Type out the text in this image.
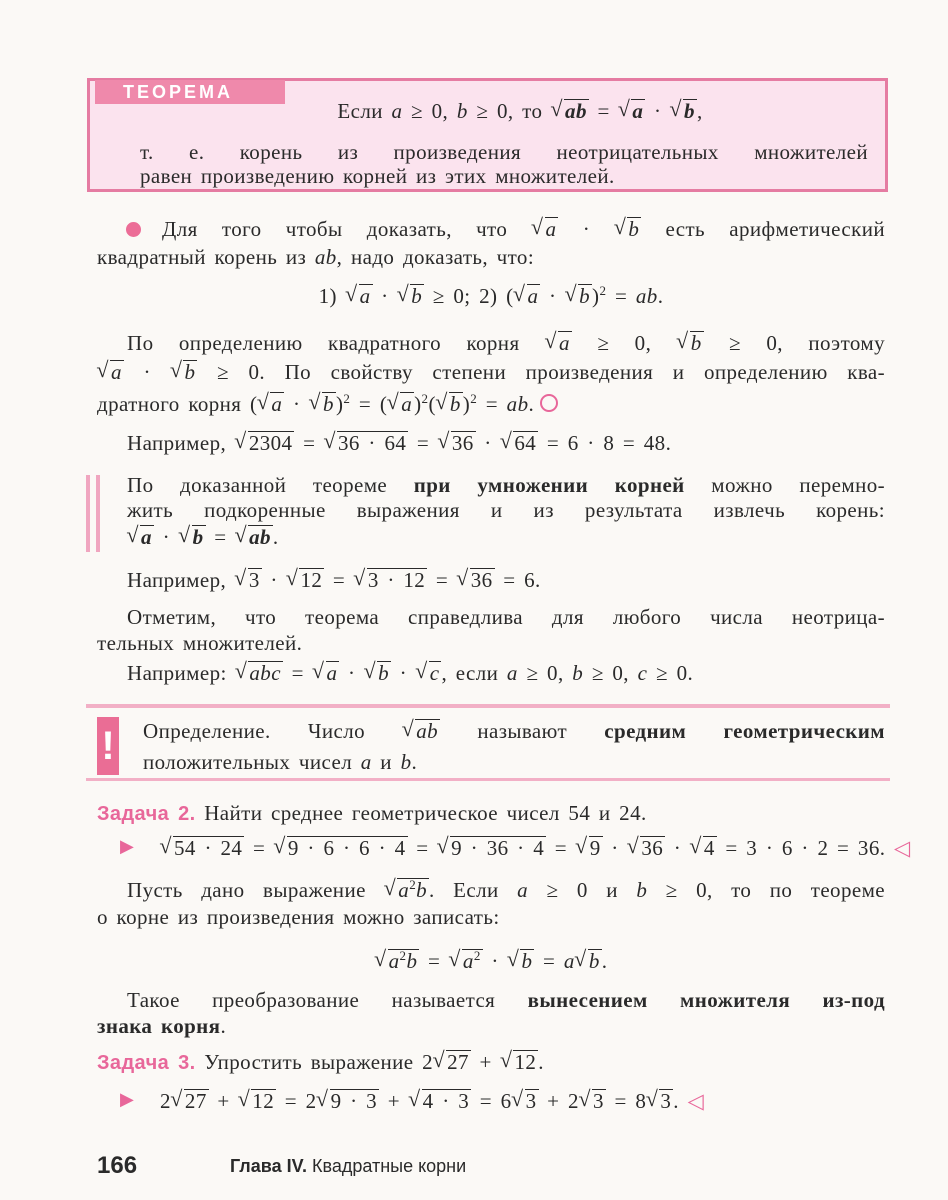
ТЕОРЕМА
Если a ≥ 0, b ≥ 0, то √ ab = √ a · √ b,
т. е. корень из произведения неотрицательных множителей
равен произведению корней из этих множителей.
Для того чтобы доказать, что √ a · √ b есть арифметический
квадратный корень из ab, надо доказать, что:
1) √ a · √ b ≥ 0; 2) ( √ a · √ b)$^2$ = ab.
По определению квадратного корня √ a ≥ 0, √ b ≥ 0, поэтому
√ a · √ b ≥ 0. По свойству степени произведения и определению ква-
дратного корня ( √ a · √ b)$^2$ = ( √ a)$^2$( √ b)$^2$ = ab.
Например, √ 2304 = √ 36 · 64 = √ 36 · √ 64 = 6 · 8 = 48.
По доказанной теореме при умножении корней можно перемно-
жить подкоренные выражения и из результата извлечь корень:
√ a · √ b = √ ab.
Например, √ 3 · √ 12 = √ 3 · 12 = √ 36 = 6.
Отметим, что теорема справедлива для любого числа неотрица-
тельных множителей.
Например: √ abc = √ a · √ b · √ c, если a ≥ 0, b ≥ 0, c ≥ 0.
! Определение. Число √ ab называют средним геометрическим
положительных чисел a и b.
Задача 2. Найти среднее геометрическое чисел 54 и 24.
▶	√ 54 · 24 = √ 9 · 6 · 6 · 4 = √ 9 · 36 · 4 = √ 9 · √ 36 · √ 4 = 3 · 6 · 2 = 36. ◁
Пусть дано выражение √ $a^2b$. Если a ≥ 0 и b ≥ 0, то по теореме
о корне из произведения можно записать:
√ $a^2b$ = √ $a^2$ · √ b = a √ b.
Такое преобразование называется вынесением множителя из-под
знака корня.
Задача 3. Упростить выражение 2 √ 27 + √ 12.
▶ 2 √ 27 + √ 12 = 2 √ 9 · 3 + √ 4 · 3 = 6 √ 3 + 2 √ 3 = 8 √ 3. ◁
166	Глава IV. Квадратные корни
